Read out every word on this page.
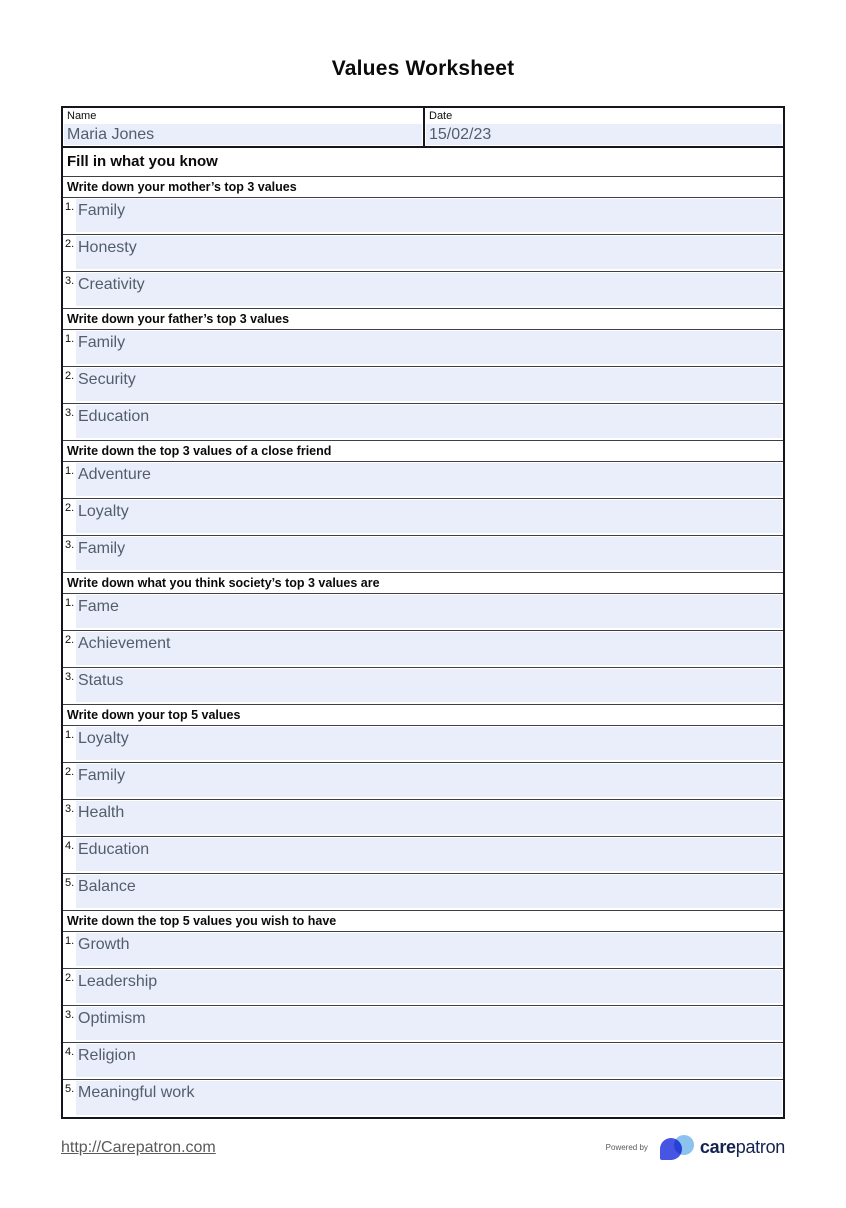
Values Worksheet
Name
Maria Jones
Date
15/02/23
Fill in what you know
Write down your mother’s top 3 values
1. Family
2. Honesty
3. Creativity
Write down your father’s top 3 values
1. Family
2. Security
3. Education
Write down the top 3 values of a close friend
1. Adventure
2. Loyalty
3. Family
Write down what you think society’s top 3 values are
1. Fame
2. Achievement
3. Status
Write down your top 5 values
1. Loyalty
2. Family
3. Health
4. Education
5. Balance
Write down the top 5 values you wish to have
1. Growth
2. Leadership
3. Optimism
4. Religion
5. Meaningful work
http://Carepatron.com	Powered by	carepatron
